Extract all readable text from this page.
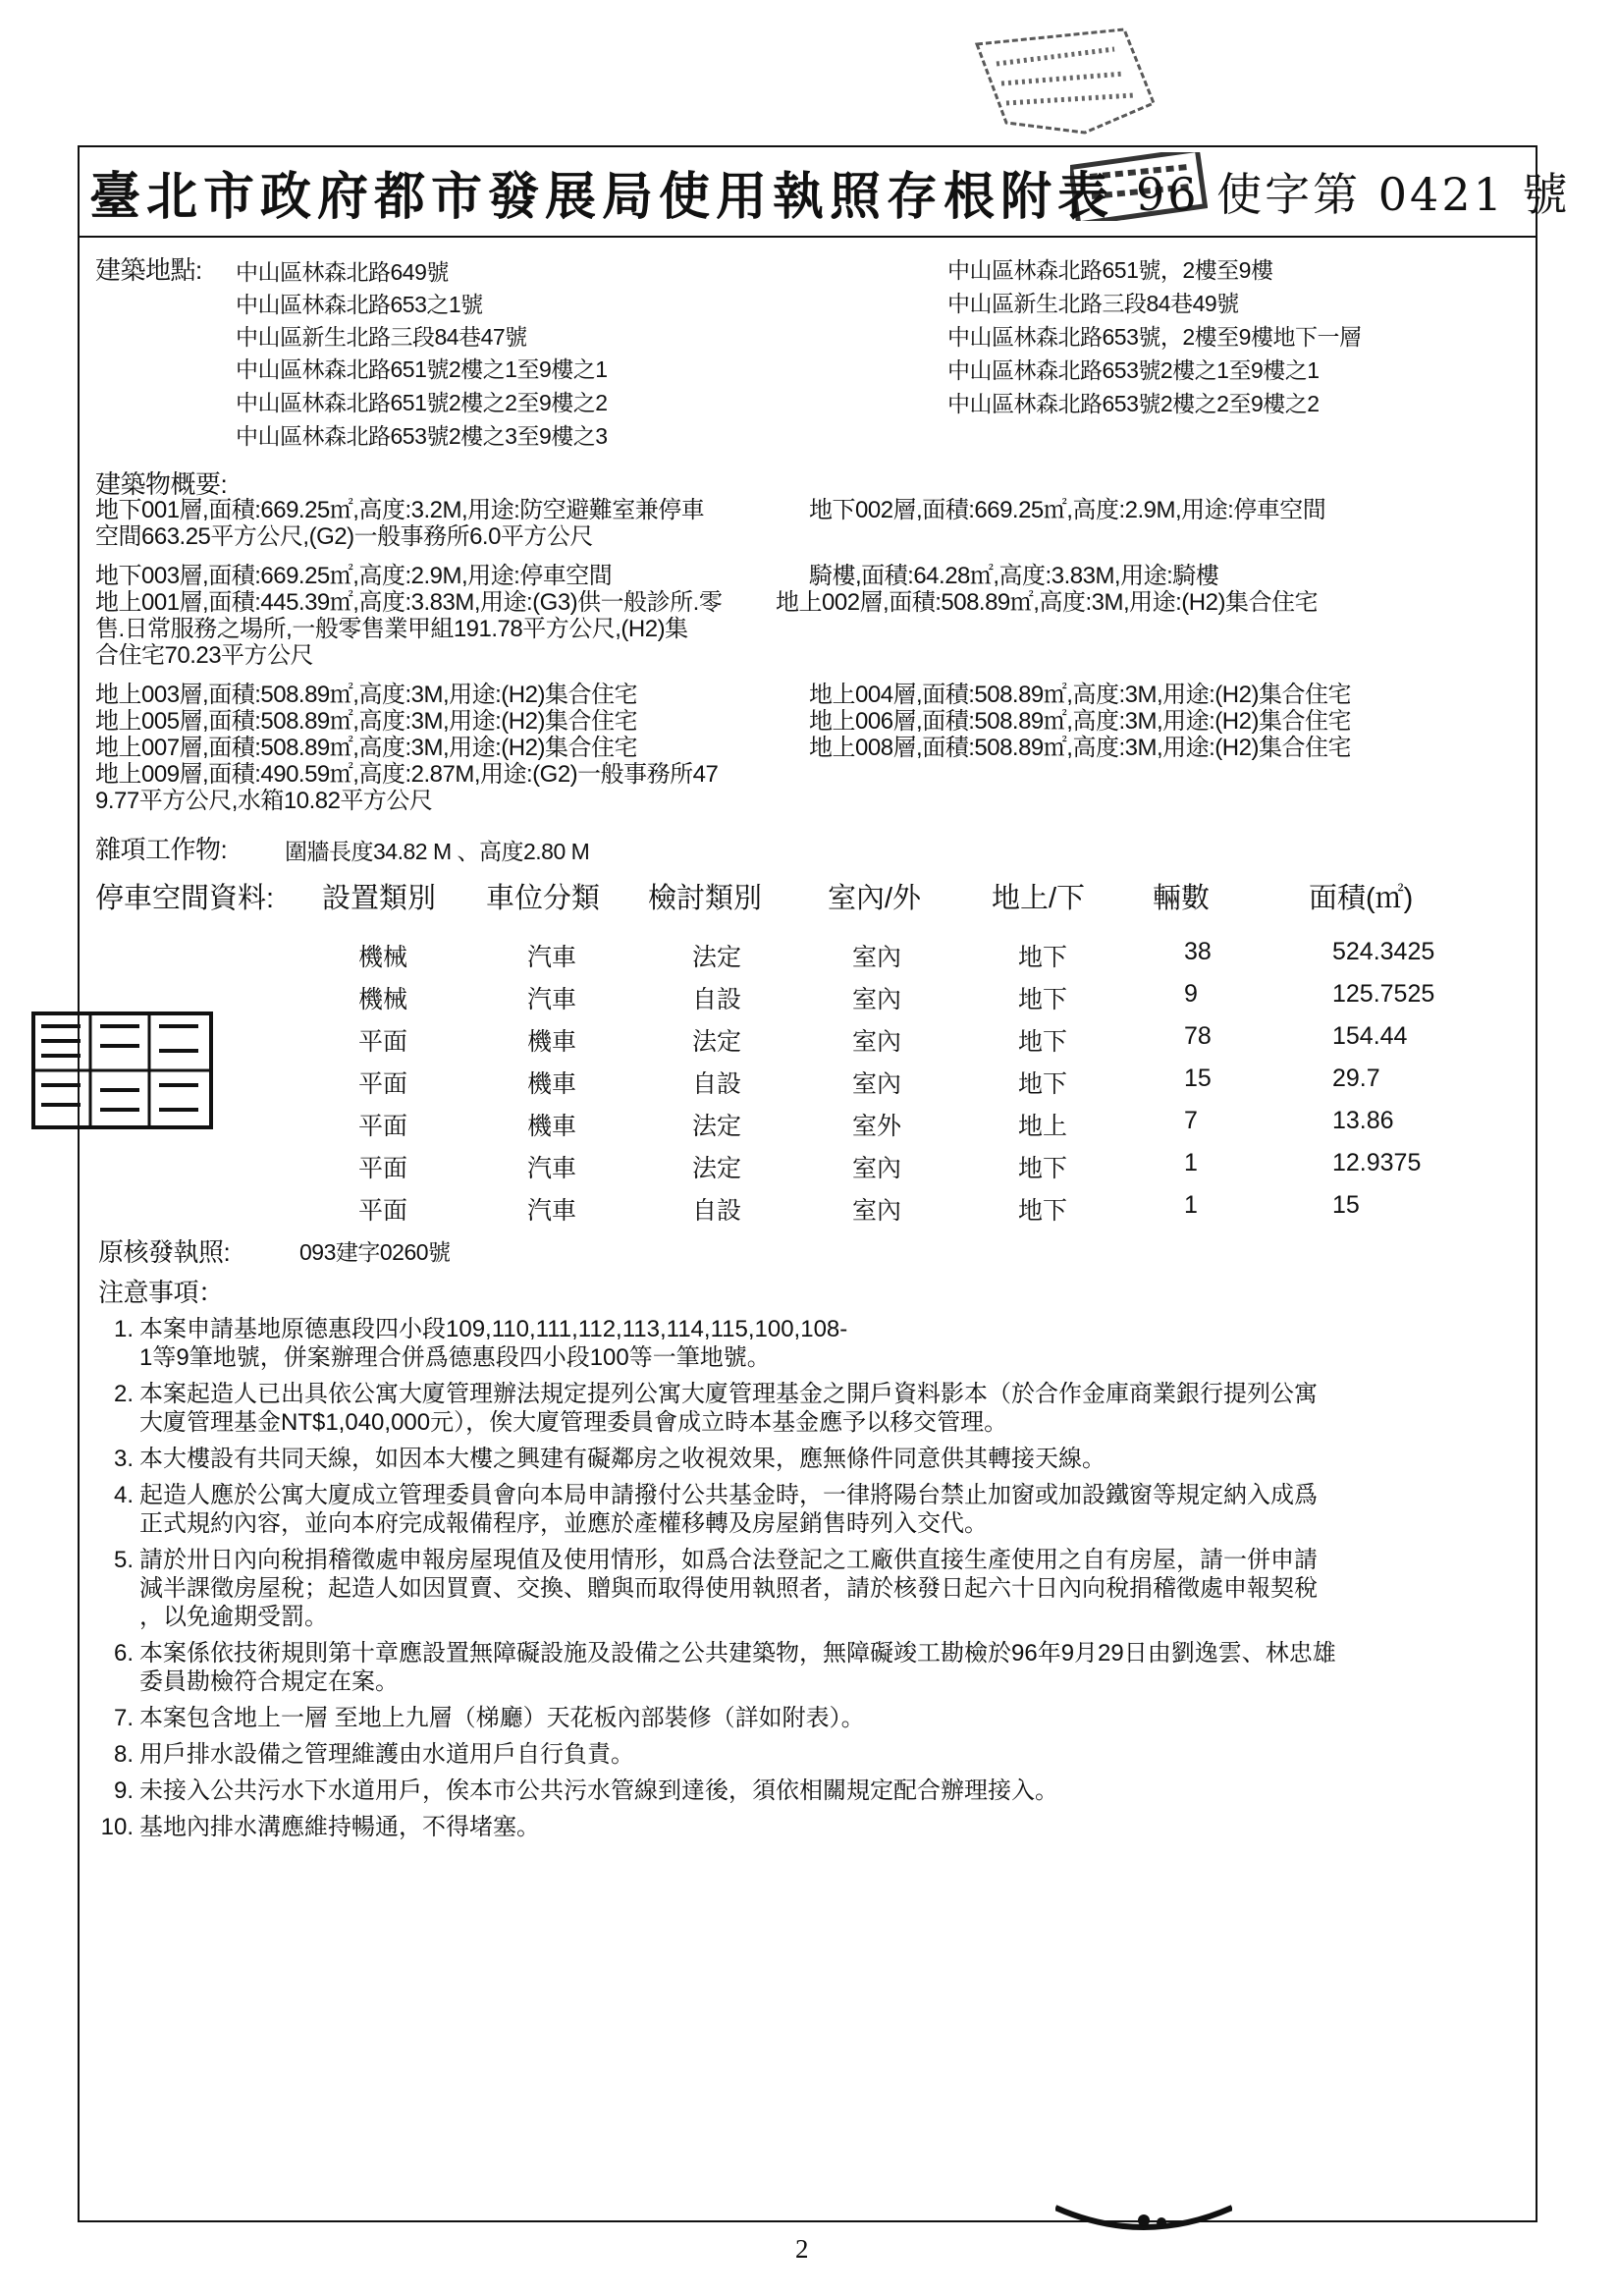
臺北市政府都市發展局使用執照存根附表 96 使字第 0421 號
建築地點: 中山區林森北路649號
中山區林森北路653之1號
中山區新生北路三段84巷47號
中山區林森北路651號2樓之1至9樓之1
中山區林森北路651號2樓之2至9樓之2
中山區林森北路653號2樓之3至9樓之3
中山區林森北路651號，2樓至9樓
中山區新生北路三段84巷49號
中山區林森北路653號，2樓至9樓地下一層
中山區林森北路653號2樓之1至9樓之1
中山區林森北路653號2樓之2至9樓之2
建築物概要:
地下001層,面積:669.25㎡,高度:3.2M,用途:防空避難室兼停車	地下002層,面積:669.25㎡,高度:2.9M,用途:停車空間
空間663.25平方公尺,(G2)一般事務所6.0平方公尺
地下003層,面積:669.25㎡,高度:2.9M,用途:停車空間	騎樓,面積:64.28㎡,高度:3.83M,用途:騎樓
地上001層,面積:445.39㎡,高度:3.83M,用途:(G3)供一般診所.零 地上002層,面積:508.89㎡,高度:3M,用途:(H2)集合住宅
售.日常服務之場所,一般零售業甲組191.78平方公尺,(H2)集
合住宅70.23平方公尺
地上003層,面積:508.89㎡,高度:3M,用途:(H2)集合住宅	地上004層,面積:508.89㎡,高度:3M,用途:(H2)集合住宅
地上005層,面積:508.89㎡,高度:3M,用途:(H2)集合住宅	地上006層,面積:508.89㎡,高度:3M,用途:(H2)集合住宅
地上007層,面積:508.89㎡,高度:3M,用途:(H2)集合住宅	地上008層,面積:508.89㎡,高度:3M,用途:(H2)集合住宅
地上009層,面積:490.59㎡,高度:2.87M,用途:(G2)一般事務所47
9.77平方公尺,水箱10.82平方公尺
雜項工作物:	圍牆長度34.82 M 、高度2.80 M
停車空間資料: 設置類別 車位分類 檢討類別 室內/外 地上/下 輛數	面積(㎡)
機械	汽車	法定	室內	地下	38	524.3425
機械	汽車	自設	室內	地下	9	125.7525
平面	機車	法定	室內	地下	78	154.44
平面	機車	自設	室內	地下	15	29.7
平面	機車	法定	室外	地上	7	13.86
平面	汽車	法定	室內	地下	1	12.9375
平面	汽車	自設	室內	地下	1	15
臺北市政府都市發展局
原核發執照:	093建字0260號
注意事項：
1. 本案申請基地原德惠段四小段109,110,111,112,113,114,115,100,108-
1等9筆地號，併案辦理合併爲德惠段四小段100等一筆地號。
2. 本案起造人已出具依公寓大廈管理辦法規定提列公寓大廈管理基金之開戶資料影本（於合作金庫商業銀行提列公寓
大廈管理基金NT$1,040,000元），俟大廈管理委員會成立時本基金應予以移交管理。
3. 本大樓設有共同天線，如因本大樓之興建有礙鄰房之收視效果，應無條件同意供其轉接天線。
4. 起造人應於公寓大廈成立管理委員會向本局申請撥付公共基金時，一律將陽台禁止加窗或加設鐵窗等規定納入成爲
正式規約內容，並向本府完成報備程序，並應於產權移轉及房屋銷售時列入交代。
5. 請於卅日內向稅捐稽徵處申報房屋現值及使用情形，如爲合法登記之工廠供直接生產使用之自有房屋，請一併申請
減半課徵房屋稅；起造人如因買賣、交換、贈與而取得使用執照者，請於核發日起六十日內向稅捐稽徵處申報契稅
，以免逾期受罰。
6. 本案係依技術規則第十章應設置無障礙設施及設備之公共建築物，無障礙竣工勘檢於96年9月29日由劉逸雲、林忠雄
委員勘檢符合規定在案。
7. 本案包含地上一層 至地上九層（梯廳）天花板內部裝修（詳如附表）。
8. 用戶排水設備之管理維護由水道用戶自行負責。
9. 未接入公共污水下水道用戶，俟本市公共污水管線到達後，須依相關規定配合辦理接入。
10. 基地內排水溝應維持暢通，不得堵塞。
2
